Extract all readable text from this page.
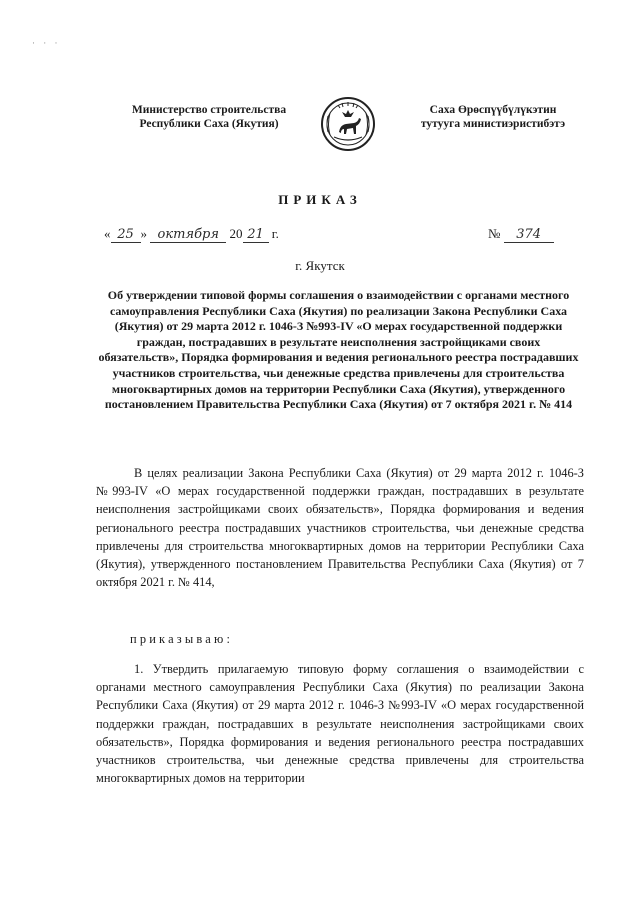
· · ·
Министерство строительства
Республики Саха (Якутия)
Саха Өрөспүүбүлүкэтин
тутууга министиэристибэтэ
ПРИКАЗ
« 25 » октября 20 21 г.	№ 374
г. Якутск
Об утверждении типовой формы соглашения о взаимодействии с органами местного самоуправления Республики Саха (Якутия) по реализации Закона Республики Саха (Якутия) от 29 марта 2012 г. 1046-З №993-IV «О мерах государственной поддержки граждан, пострадавших в результате неисполнения застройщиками своих обязательств», Порядка формирования и ведения регионального реестра пострадавших участников строительства, чьи денежные средства привлечены для строительства многоквартирных домов на территории Республики Саха (Якутия), утвержденного постановлением Правительства Республики Саха (Якутия) от 7 октября 2021 г. № 414
В целях реализации Закона Республики Саха (Якутия) от 29 марта 2012 г. 1046-З №993-IV «О мерах государственной поддержки граждан, пострадавших в результате неисполнения застройщиками своих обязательств», Порядка формирования и ведения регионального реестра пострадавших участников строительства, чьи денежные средства привлечены для строительства многоквартирных домов на территории Республики Саха (Якутия), утвержденного постановлением Правительства Республики Саха (Якутия) от 7 октября 2021 г. № 414,
приказываю:
1. Утвердить прилагаемую типовую форму соглашения о взаимодействии с органами местного самоуправления Республики Саха (Якутия) по реализации Закона Республики Саха (Якутия) от 29 марта 2012 г. 1046-З №993-IV «О мерах государственной поддержки граждан, пострадавших в результате неисполнения застройщиками своих обязательств», Порядка формирования и ведения регионального реестра пострадавших участников строительства, чьи денежные средства привлечены для строительства многоквартирных домов на территории
